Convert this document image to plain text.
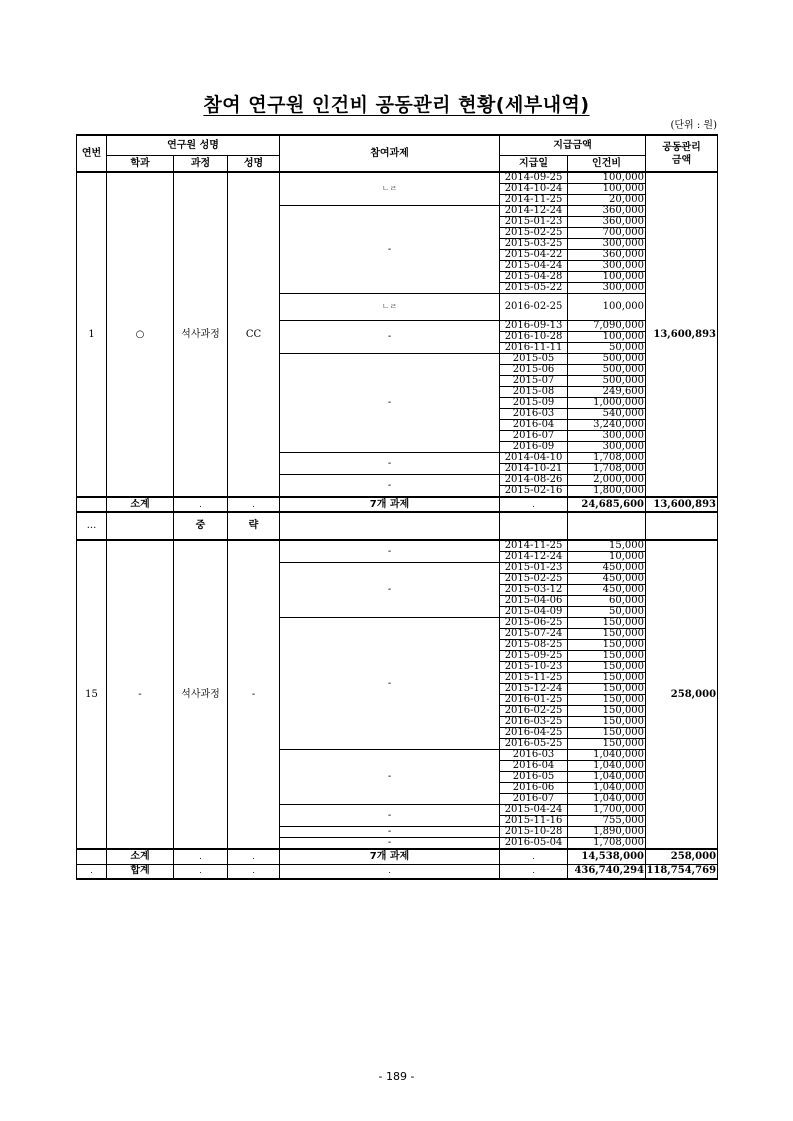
참여 연구원 인건비 공동관리 현황(세부내역)
(단위 : 원)
연번	연구원 성명			참여과제	지급금액		공동관리
금액
	학과	과정	성명		지급일	인건비	
1	○	석사과정	CC	ㄴㄹ	2014-09-25	100,000	13,600,893
					2014-10-24	100,000	
					2014-11-25	20,000	
				-	2014-12-24	360,000	
					2015-01-23	360,000	
					2015-02-25	700,000	
					2015-03-25	300,000	
					2015-04-22	360,000	
					2015-04-24	300,000	
					2015-04-28	100,000	
					2015-05-22	300,000	
				ㄴㄹ	2016-02-25	100,000	
				-	2016-09-13	7,090,000	
					2016-10-28	100,000	
					2016-11-11	50,000	
				-	2015-05	500,000	
					2015-06	500,000	
					2015-07	500,000	
					2015-08	249,600	
					2015-09	1,000,000	
					2016-03	540,000	
					2016-04	3,240,000	
					2016-07	300,000	
					2016-09	300,000	
				-	2014-04-10	1,708,000	
					2014-10-21	1,708,000	
				-	2014-08-26	2,000,000	
					2015-02-16	1,800,000	
	소계	.	.	7개 과제	.	24,685,600	13,600,893
...		중	략				
15	-	석사과정	-	-	2014-11-25	15,000	258,000
					2014-12-24	10,000	
				-	2015-01-23	450,000	
					2015-02-25	450,000	
					2015-03-12	450,000	
					2015-04-06	60,000	
					2015-04-09	50,000	
				-	2015-06-25	150,000	
					2015-07-24	150,000	
					2015-08-25	150,000	
					2015-09-25	150,000	
					2015-10-23	150,000	
					2015-11-25	150,000	
					2015-12-24	150,000	
					2016-01-25	150,000	
					2016-02-25	150,000	
					2016-03-25	150,000	
					2016-04-25	150,000	
					2016-05-25	150,000	
				-	2016-03	1,040,000	
					2016-04	1,040,000	
					2016-05	1,040,000	
					2016-06	1,040,000	
					2016-07	1,040,000	
				-	2015-04-24	1,700,000	
					2015-11-16	755,000	
				-	2015-10-28	1,890,000	
				-	2016-05-04	1,708,000	
	소계	.	.	7개 과제	.	14,538,000	258,000
.	합계	.	.	.	.	436,740,294	118,754,769
- 189 -
